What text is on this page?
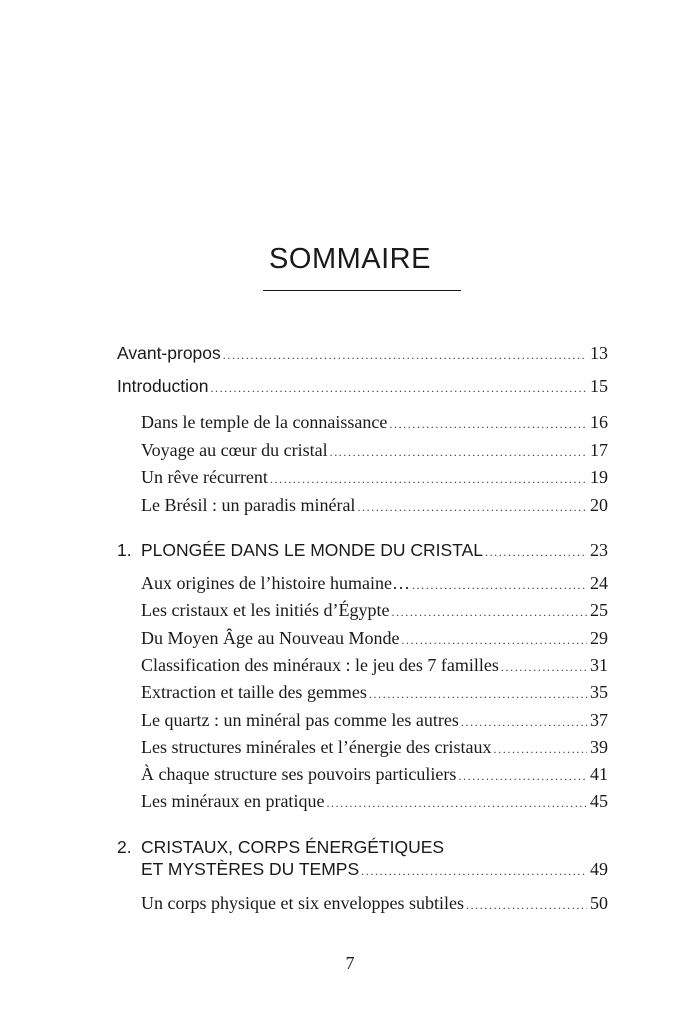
SOMMAIRE
Avant-propos .....	13
Introduction .....	15
Dans le temple de la connaissance .....	16
Voyage au cœur du cristal .....	17
Un rêve récurrent .....	19
Le Brésil : un paradis minéral .....	20
1. PLONGÉE DANS LE MONDE DU CRISTAL .....	23
Aux origines de l’histoire humaine… .....	24
Les cristaux et les initiés d’Égypte .....	25
Du Moyen Âge au Nouveau Monde .....	29
Classification des minéraux : le jeu des 7 familles .....	31
Extraction et taille des gemmes .....	35
Le quartz : un minéral pas comme les autres .....	37
Les structures minérales et l’énergie des cristaux .....	39
À chaque structure ses pouvoirs particuliers .....	41
Les minéraux en pratique .....	45
2. CRISTAUX, CORPS ÉNERGÉTIQUES
ET MYSTÈRES DU TEMPS .....	49
Un corps physique et six enveloppes subtiles .....	50
7
